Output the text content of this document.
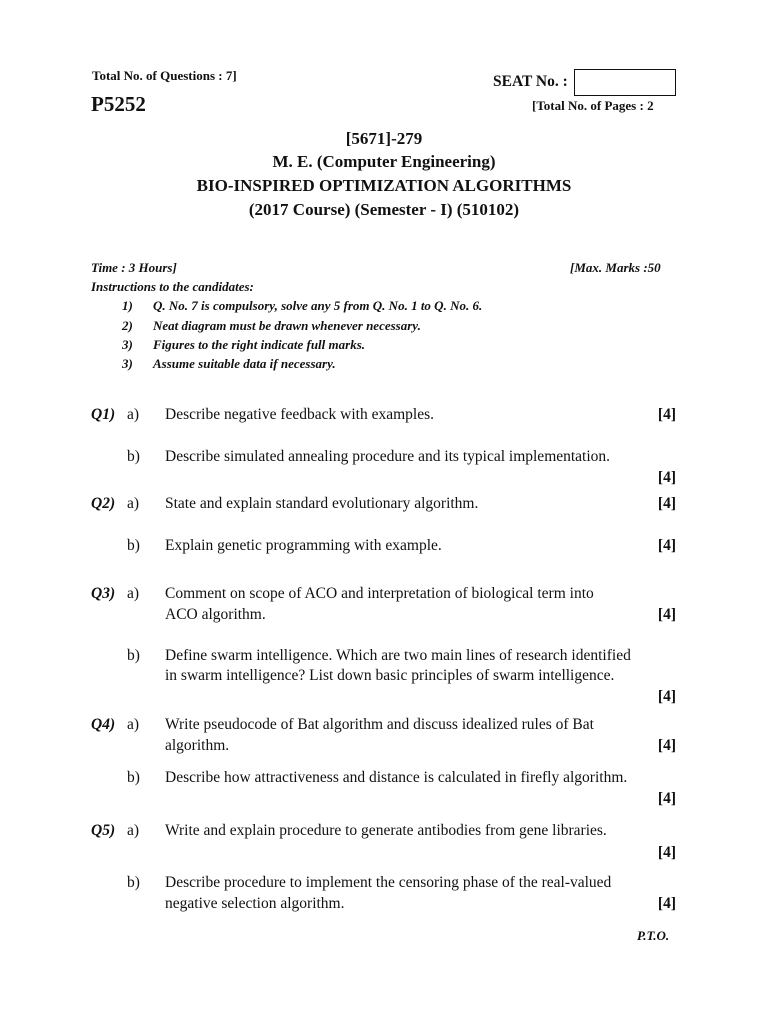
Total No. of Questions : 7]	SEAT No. :
P5252	[Total No. of Pages : 2
[5671]-279
M. E. (Computer Engineering)
BIO-INSPIRED OPTIMIZATION ALGORITHMS
(2017 Course) (Semester - I) (510102)
Time : 3 Hours]	[Max. Marks :50
Instructions to the candidates:
1) Q. No. 7 is compulsory, solve any 5 from Q. No. 1 to Q. No. 6.
2) Neat diagram must be drawn whenever necessary.
3) Figures to the right indicate full marks.
3) Assume suitable data if necessary.
Q1) a) Describe negative feedback with examples.	[4]
b) Describe simulated annealing procedure and its typical implementation.
[4]
Q2) a) State and explain standard evolutionary algorithm.	[4]
b) Explain genetic programming with example.	[4]
Q3) a) Comment on scope of ACO and interpretation of biological term into
ACO algorithm.	[4]
b) Define swarm intelligence. Which are two main lines of research identified
in swarm intelligence? List down basic principles of swarm intelligence.
[4]
Q4) a) Write pseudocode of Bat algorithm and discuss idealized rules of Bat
algorithm.	[4]
b) Describe how attractiveness and distance is calculated in firefly algorithm.
[4]
Q5) a) Write and explain procedure to generate antibodies from gene libraries.
[4]
b) Describe procedure to implement the censoring phase of the real-valued
negative selection algorithm.	[4]
P.T.O.
